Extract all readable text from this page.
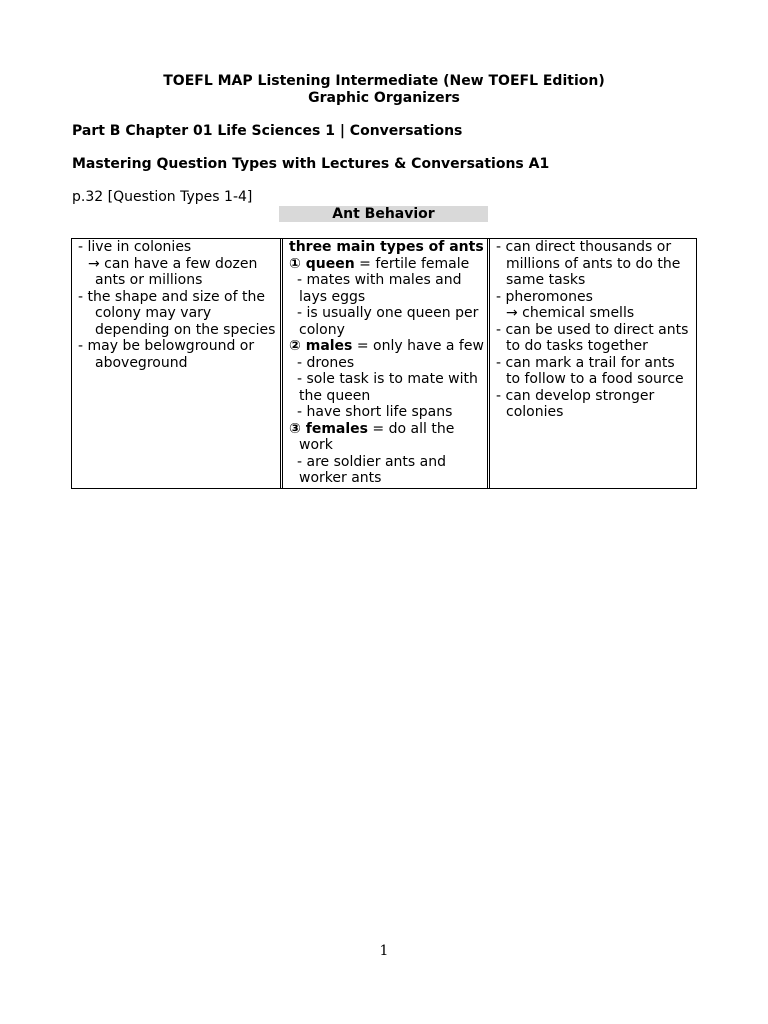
TOEFL MAP Listening Intermediate (New TOEFL Edition)
Graphic Organizers
Part B Chapter 01 Life Sciences 1 | Conversations
Mastering Question Types with Lectures & Conversations A1
p.32 [Question Types 1-4]
Ant Behavior
- live in colonies
→ can have a few dozen
ants or millions
- the shape and size of the
colony may vary
depending on the species
- may be belowground or
aboveground
three main types of ants
① queen = fertile female
- mates with males and
lays eggs
- is usually one queen per
colony
② males = only have a few
- drones
- sole task is to mate with
the queen
- have short life spans
③ females = do all the
work
- are soldier ants and
worker ants
- can direct thousands or
millions of ants to do the
same tasks
- pheromones
→ chemical smells
- can be used to direct ants
to do tasks together
- can mark a trail for ants
to follow to a food source
- can develop stronger
colonies
1
